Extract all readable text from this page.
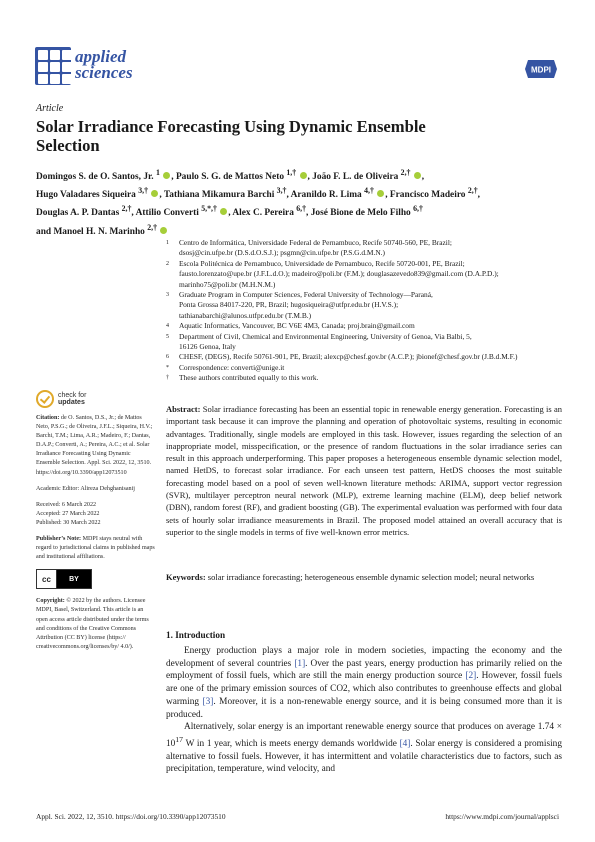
applied
sciences	MDPI
Article
Solar Irradiance Forecasting Using Dynamic Ensemble Selection
Domingos S. de O. Santos, Jr. $^1$ , Paulo S. G. de Mattos Neto $^{1,\dagger}$ , João F. L. de Oliveira $^{2,\dagger}$ ,
Hugo Valadares Siqueira $^{3,\dagger}$ , Tathiana Mikamura Barchi $^{3,\dagger}$, Aranildo R. Lima $^{4,\dagger}$ , Francisco Madeiro $^{2,\dagger}$,
Douglas A. P. Dantas $^{2,\dagger}$, Attilio Converti $^{5,*,\dagger}$ , Alex C. Pereira $^{6,\dagger}$, José Bione de Melo Filho $^{6,\dagger}$
and Manoel H. N. Marinho $^{2,\dagger}$
1	Centro de Informática, Universidade Federal de Pernambuco, Recife 50740-560, PE, Brazil;
dsosj@cin.ufpe.br (D.S.d.O.S.J.); psgmn@cin.ufpe.br (P.S.G.d.M.N.)
2	Escola Politécnica de Pernambuco, Universidade de Pernambuco, Recife 50720-001, PE, Brazil;
fausto.lorenzato@upe.br (J.F.L.d.O.); madeiro@poli.br (F.M.); douglasazevedo839@gmail.com (D.A.P.D.);
marinho75@poli.br (M.H.N.M.)
3	Graduate Program in Computer Sciences, Federal University of Technology—Paraná,
Ponta Grossa 84017-220, PR, Brazil; hugosiqueira@utfpr.edu.br (H.V.S.);
tathianabarchi@alunos.utfpr.edu.br (T.M.B.)
4	Aquatic Informatics, Vancouver, BC V6E 4M3, Canada; proj.brain@gmail.com
5	Department of Civil, Chemical and Environmental Engineering, University of Genoa, Via Balbi, 5,
16126 Genoa, Italy
6	CHESF, (DEGS), Recife 50761-901, PE, Brazil; alexcp@chesf.gov.br (A.C.P.); jbionef@chesf.gov.br (J.B.d.M.F.)
*	Correspondence: converti@unige.it
†	These authors contributed equally to this work.
check for
updates
Citation: de O. Santos, D.S., Jr.; de Mattos Neto, P.S.G.; de Oliveira, J.F.L.; Siqueira, H.V.; Barchi, T.M.; Lima, A.R.; Madeiro, F.; Dantas, D.A.P.; Converti, A.; Pereira, A.C.; et al. Solar Irradiance Forecasting Using Dynamic Ensemble Selection. Appl. Sci. 2022, 12, 3510. https://doi.org/10.3390/app12073510
Academic Editor: Alireza Dehghanisanij
Received: 6 March 2022
Accepted: 27 March 2022
Published: 30 March 2022
Publisher’s Note: MDPI stays neutral with regard to jurisdictional claims in published maps and institutional affiliations.
cc	BY
Copyright: © 2022 by the authors. Licensee MDPI, Basel, Switzerland. This article is an open access article distributed under the terms and conditions of the Creative Commons Attribution (CC BY) license (https:// creativecommons.org/licenses/by/ 4.0/).
Abstract: Solar irradiance forecasting has been an essential topic in renewable energy generation. Forecasting is an important task because it can improve the planning and operation of photovoltaic systems, resulting in economic advantages. Traditionally, single models are employed in this task. However, issues regarding the selection of an inappropriate model, misspecification, or the presence of random fluctuations in the solar irradiance series can result in this approach underperforming. This paper proposes a heterogeneous ensemble dynamic selection model, named HetDS, to forecast solar irradiance. For each unseen test pattern, HetDS chooses the most suitable forecasting model based on a pool of seven well-known literature methods: ARIMA, support vector regression (SVR), multilayer perceptron neural network (MLP), extreme learning machine (ELM), deep belief network (DBN), random forest (RF), and gradient boosting (GB). The experimental evaluation was performed with four data sets of hourly solar irradiance measurements in Brazil. The proposed model attained an overall accuracy that is superior to the single models in terms of five well-known error metrics.
Keywords: solar irradiance forecasting; heterogeneous ensemble dynamic selection model; neural networks
1. Introduction

Energy production plays a major role in modern societies, impacting the economy and the development of several countries [1]. Over the past years, energy production has primarily relied on the employment of fossil fuels, which are still the main energy production source [2]. However, fossil fuels are one of the primary emission sources of CO2, which also contributes to greenhouse effects and global warming [3]. Moreover, it is a non-renewable energy source, and it is being consumed more than it is produced.

Alternatively, solar energy is an important renewable energy source that produces on average $1.74 \times 10^{17}$ W in 1 year, which is meets energy demands worldwide [4]. Solar energy is considered a promising alternative to fossil fuels. However, it has intermittent and volatile characteristics due to factors, such as precipitation, temperature, wind velocity, and

Appl. Sci. 2022, 12, 3510. https://doi.org/10.3390/app12073510	https://www.mdpi.com/journal/applsci
